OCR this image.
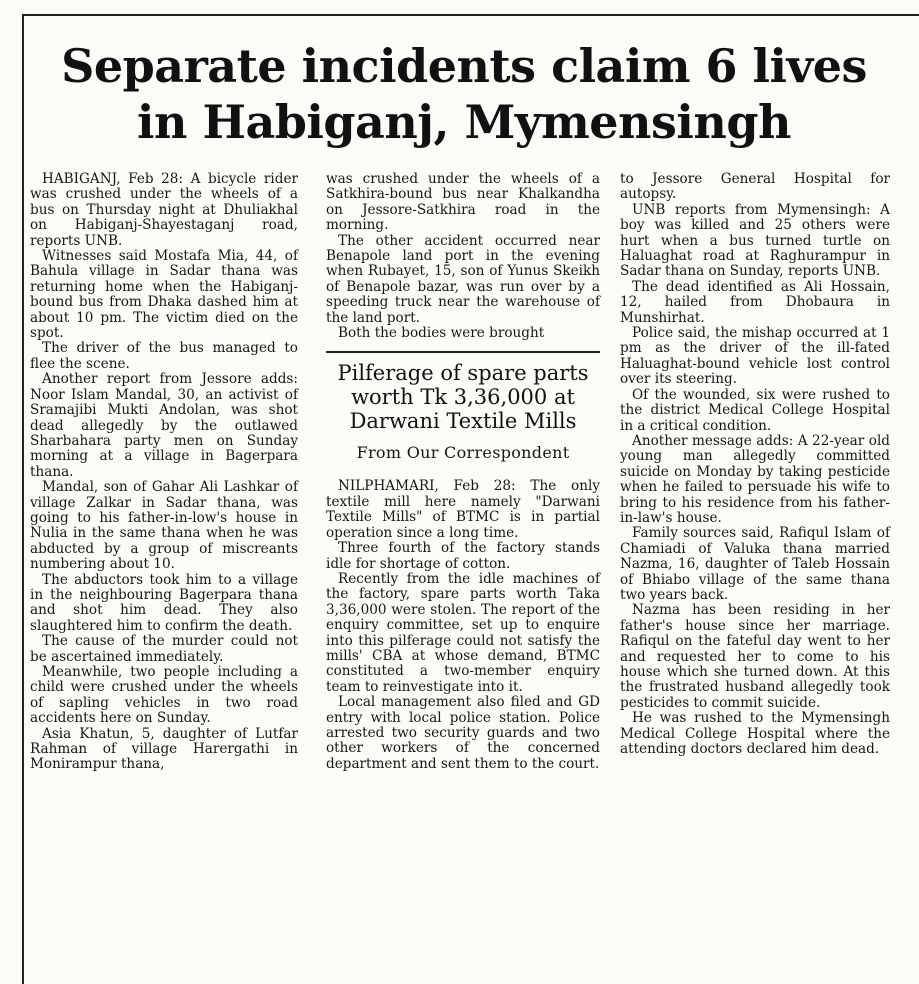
Separate incidents claim 6 lives
in Habiganj, Mymensingh

HABIGANJ, Feb 28: A bicycle rider was crushed under the wheels of a bus on Thursday night at Dhuliakhal on Habiganj-Shayestaganj road, reports UNB.

Witnesses said Mostafa Mia, 44, of Bahula village in Sadar thana was returning home when the Habiganj-bound bus from Dhaka dashed him at about 10 pm. The victim died on the spot.

The driver of the bus managed to flee the scene.

Another report from Jessore adds: Noor Islam Mandal, 30, an activist of Sramajibi Mukti Andolan, was shot dead allegedly by the outlawed Sharbahara party men on Sunday morning at a village in Bagerpara thana.

Mandal, son of Gahar Ali Lashkar of village Zalkar in Sadar thana, was going to his father-in-low's house in Nulia in the same thana when he was abducted by a group of miscreants numbering about 10.

The abductors took him to a village in the neighbouring Bagerpara thana and shot him dead. They also slaughtered him to confirm the death.

The cause of the murder could not be ascertained immediately.

Meanwhile, two people including a child were crushed under the wheels of sapling vehicles in two road accidents here on Sunday.

Asia Khatun, 5, daughter of Lutfar Rahman of village Harergathi in Monirampur thana,

was crushed under the wheels of a Satkhira-bound bus near Khalkandha on Jessore-Satkhira road in the morning.

The other accident occurred near Benapole land port in the evening when Rubayet, 15, son of Yunus Skeikh of Benapole bazar, was run over by a speeding truck near the warehouse of the land port.

Both the bodies were brought

Pilferage of spare parts worth Tk 3,36,000 at Darwani Textile Mills
From Our Correspondent

NILPHAMARI, Feb 28: The only textile mill here namely "Darwani Textile Mills" of BTMC is in partial operation since a long time.

Three fourth of the factory stands idle for shortage of cotton.

Recently from the idle machines of the factory, spare parts worth Taka 3,36,000 were stolen. The report of the enquiry committee, set up to enquire into this pilferage could not satisfy the mills' CBA at whose demand, BTMC constituted a two-member enquiry team to reinvestigate into it.

Local management also filed and GD entry with local police station. Police arrested two security guards and two other workers of the concerned department and sent them to the court.

to Jessore General Hospital for autopsy.

UNB reports from Mymensingh: A boy was killed and 25 others were hurt when a bus turned turtle on Haluaghat road at Raghurampur in Sadar thana on Sunday, reports UNB.

The dead identified as Ali Hossain, 12, hailed from Dhobaura in Munshirhat.

Police said, the mishap occurred at 1 pm as the driver of the ill-fated Haluaghat-bound vehicle lost control over its steering.

Of the wounded, six were rushed to the district Medical College Hospital in a critical condition.

Another message adds: A 22-year old young man allegedly committed suicide on Monday by taking pesticide when he failed to persuade his wife to bring to his residence from his father-in-law's house.

Family sources said, Rafiqul Islam of Chamiadi of Valuka thana married Nazma, 16, daughter of Taleb Hossain of Bhiabo village of the same thana two years back.

Nazma has been residing in her father's house since her marriage. Rafiqul on the fateful day went to her and requested her to come to his house which she turned down. At this the frustrated husband allegedly took pesticides to commit suicide.

He was rushed to the Mymensingh Medical College Hospital where the attending doctors declared him dead.
